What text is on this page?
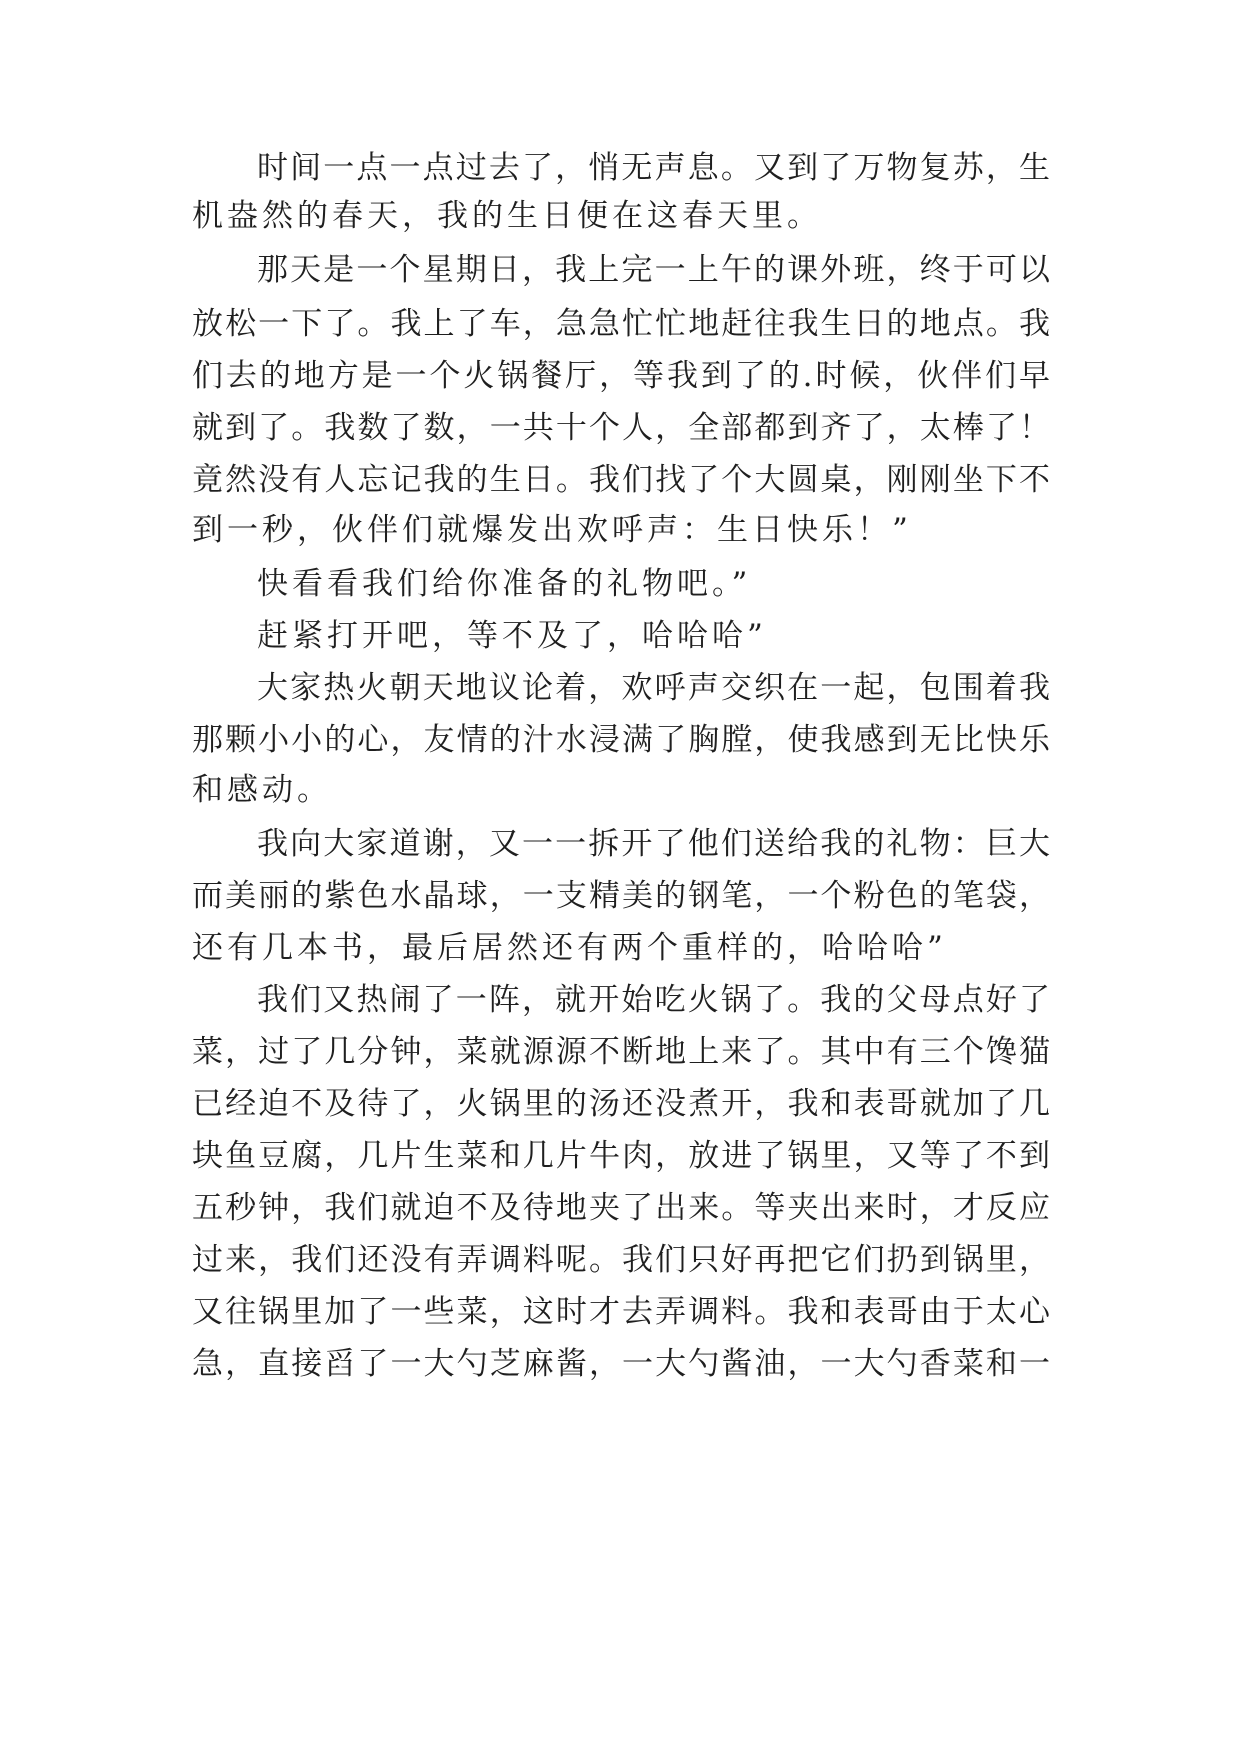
时间一点一点过去了，悄无声息。又到了万物复苏，生
机盎然的春天，我的生日便在这春天里。
那天是一个星期日，我上完一上午的课外班，终于可以
放松一下了。我上了车，急急忙忙地赶往我生日的地点。我
们去的地方是一个火锅餐厅，等我到了的.时候，伙伴们早
就到了。我数了数，一共十个人，全部都到齐了，太棒了！
竟然没有人忘记我的生日。我们找了个大圆桌，刚刚坐下不
到一秒，伙伴们就爆发出欢呼声：生日快乐！”
快看看我们给你准备的礼物吧。”
赶紧打开吧，等不及了，哈哈哈”
大家热火朝天地议论着，欢呼声交织在一起，包围着我
那颗小小的心，友情的汁水浸满了胸膛，使我感到无比快乐
和感动。
我向大家道谢，又一一拆开了他们送给我的礼物：巨大
而美丽的紫色水晶球，一支精美的钢笔，一个粉色的笔袋，
还有几本书，最后居然还有两个重样的，哈哈哈”
我们又热闹了一阵，就开始吃火锅了。我的父母点好了
菜，过了几分钟，菜就源源不断地上来了。其中有三个馋猫
已经迫不及待了，火锅里的汤还没煮开，我和表哥就加了几
块鱼豆腐，几片生菜和几片牛肉，放进了锅里，又等了不到
五秒钟，我们就迫不及待地夹了出来。等夹出来时，才反应
过来，我们还没有弄调料呢。我们只好再把它们扔到锅里，
又往锅里加了一些菜，这时才去弄调料。我和表哥由于太心
急，直接舀了一大勺芝麻酱，一大勺酱油，一大勺香菜和一
